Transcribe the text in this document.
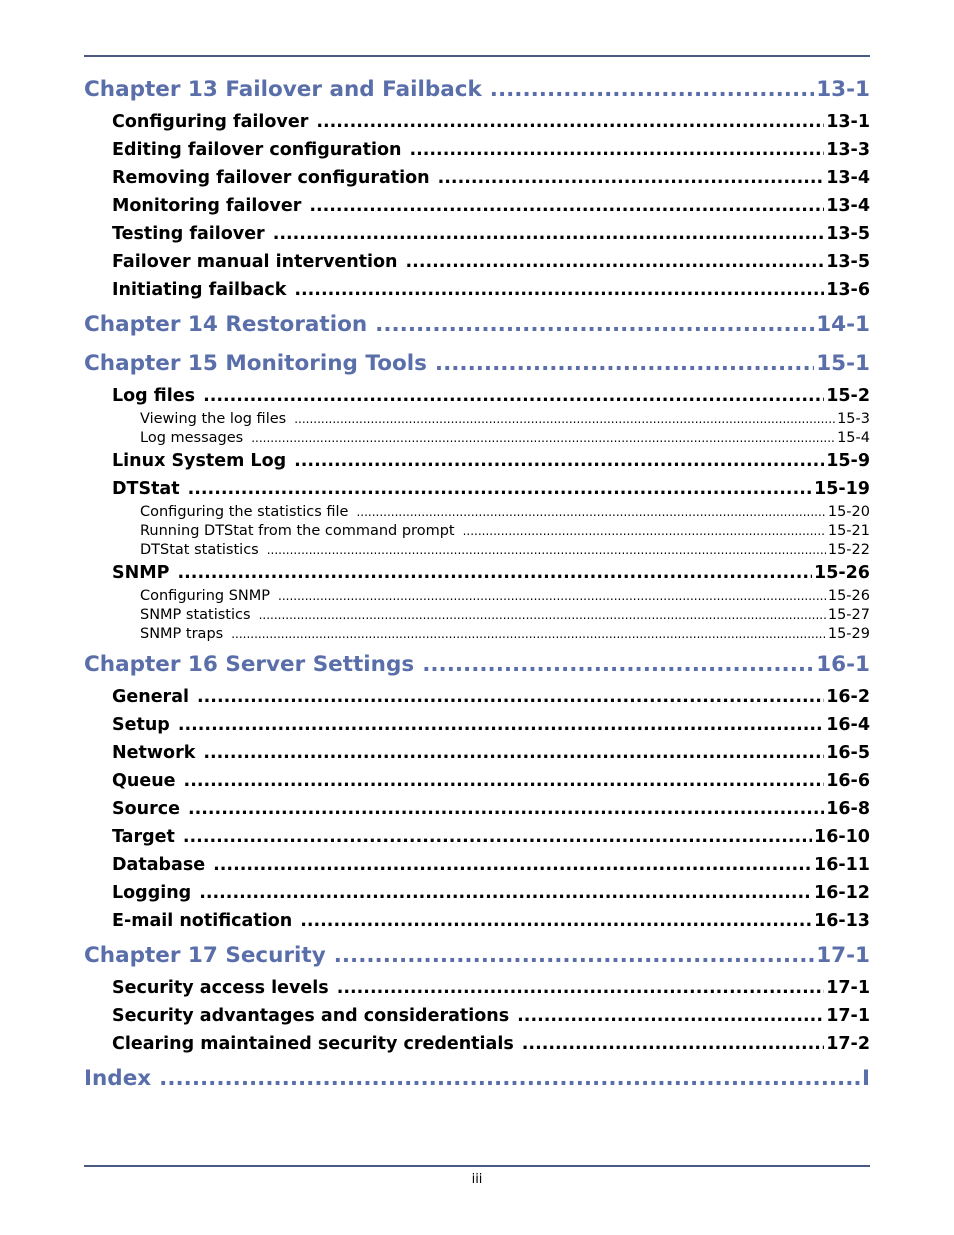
Chapter 13 Failover and Failback .....	13-1
Configuring failover .....	13-1
Editing failover configuration .....	13-3
Removing failover configuration .....	13-4
Monitoring failover .....	13-4
Testing failover .....	13-5
Failover manual intervention .....	13-5
Initiating failback .....	13-6
Chapter 14 Restoration .....	14-1
Chapter 15 Monitoring Tools .....	15-1
Log files .....	15-2
Viewing the log files .....	15-3
Log messages .....	15-4
Linux System Log .....	15-9
DTStat .....	15-19
Configuring the statistics file .....	15-20
Running DTStat from the command prompt .....	15-21
DTStat statistics .....	15-22
SNMP .....	15-26
Configuring SNMP .....	15-26
SNMP statistics .....	15-27
SNMP traps .....	15-29
Chapter 16 Server Settings .....	16-1
General .....	16-2
Setup .....	16-4
Network .....	16-5
Queue .....	16-6
Source .....	16-8
Target .....	16-10
Database .....	16-11
Logging .....	16-12
E-mail notification .....	16-13
Chapter 17 Security .....	17-1
Security access levels .....	17-1
Security advantages and considerations .....	17-1
Clearing maintained security credentials .....	17-2
Index .....	I
iii
